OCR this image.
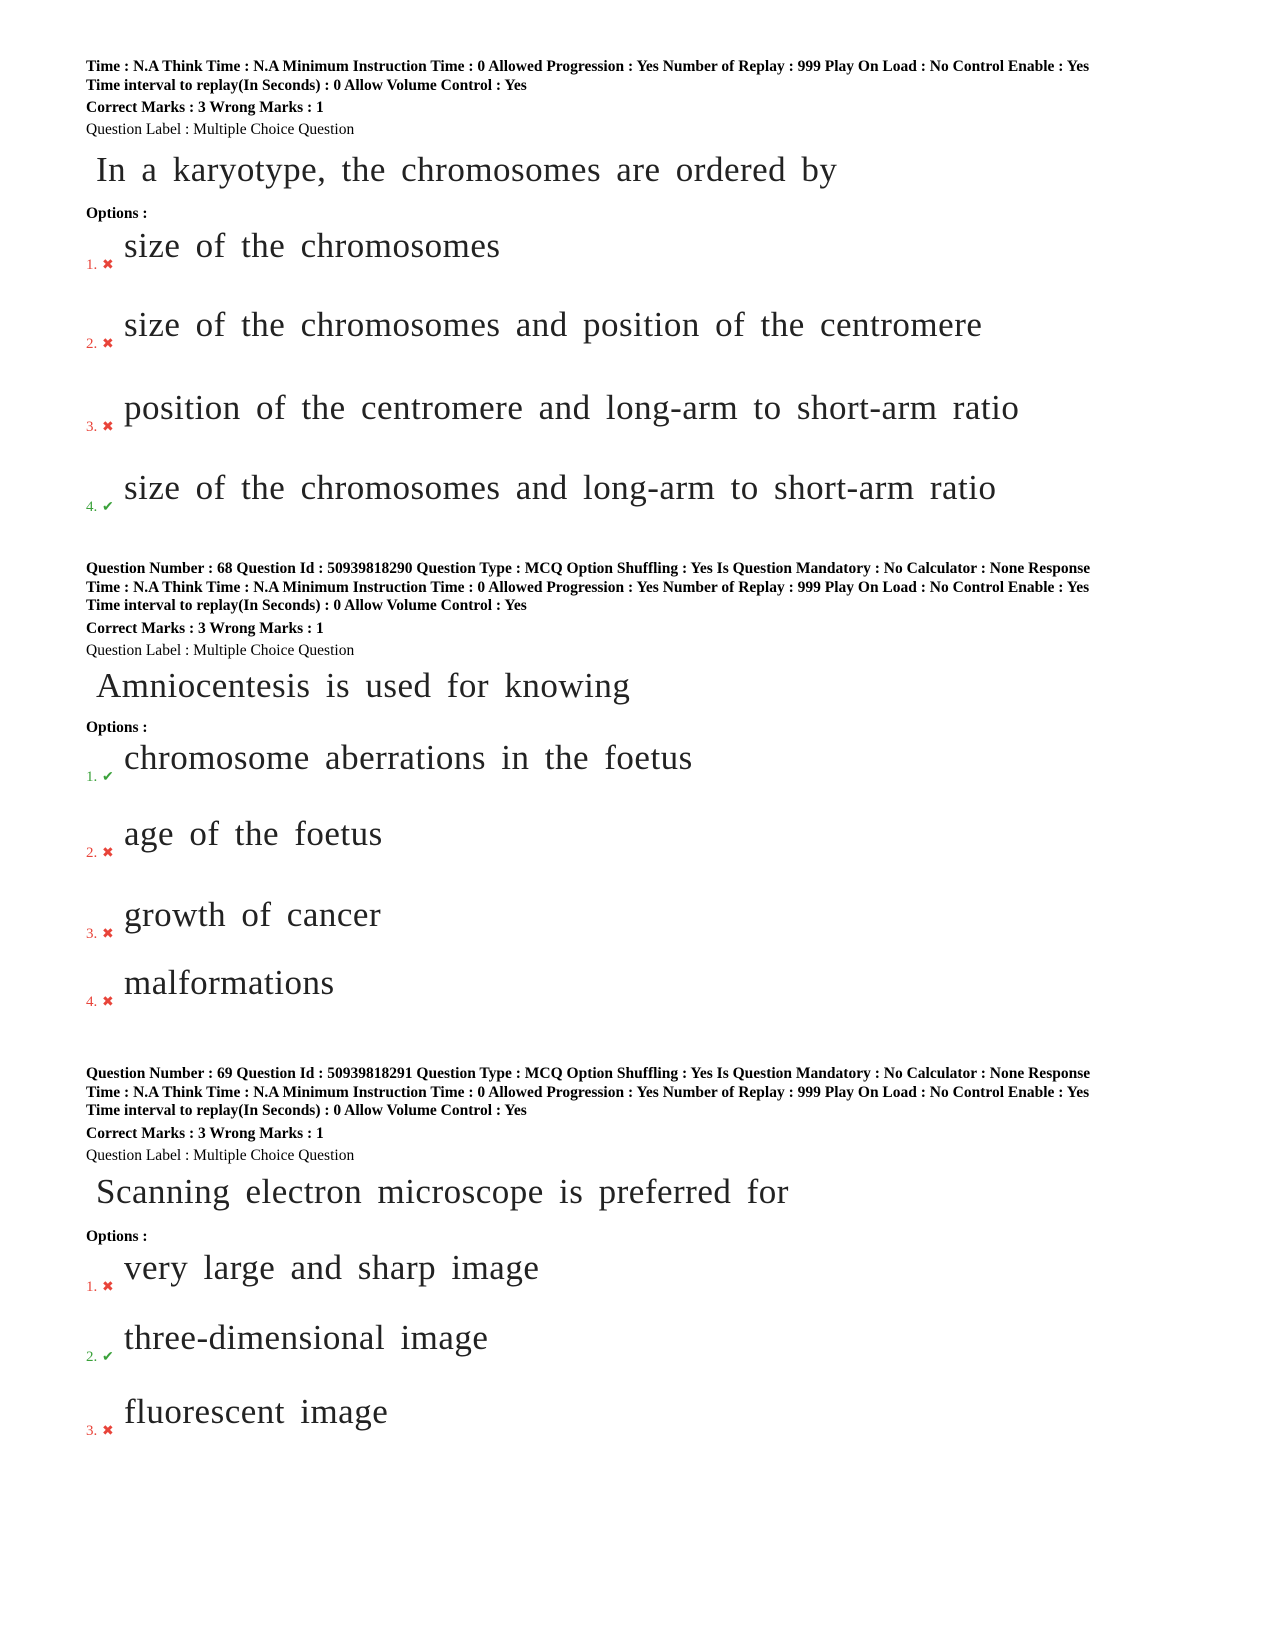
Time : N.A Think Time : N.A Minimum Instruction Time : 0 Allowed Progression : Yes Number of Replay : 999 Play On Load : No Control Enable : Yes
Time interval to replay(In Seconds) : 0 Allow Volume Control : Yes
Correct Marks : 3 Wrong Marks : 1
Question Label : Multiple Choice Question
In a karyotype, the chromosomes are ordered by
Options :
1. ✖
size of the chromosomes
2. ✖
size of the chromosomes and position of the centromere
3. ✖
position of the centromere and long-arm to short-arm ratio
4. ✔
size of the chromosomes and long-arm to short-arm ratio
Question Number : 68 Question Id : 50939818290 Question Type : MCQ Option Shuffling : Yes Is Question Mandatory : No Calculator : None Response
Time : N.A Think Time : N.A Minimum Instruction Time : 0 Allowed Progression : Yes Number of Replay : 999 Play On Load : No Control Enable : Yes
Time interval to replay(In Seconds) : 0 Allow Volume Control : Yes
Correct Marks : 3 Wrong Marks : 1
Question Label : Multiple Choice Question
Amniocentesis is used for knowing
Options :
1. ✔
chromosome aberrations in the foetus
2. ✖
age of the foetus
3. ✖
growth of cancer
4. ✖
malformations
Question Number : 69 Question Id : 50939818291 Question Type : MCQ Option Shuffling : Yes Is Question Mandatory : No Calculator : None Response
Time : N.A Think Time : N.A Minimum Instruction Time : 0 Allowed Progression : Yes Number of Replay : 999 Play On Load : No Control Enable : Yes
Time interval to replay(In Seconds) : 0 Allow Volume Control : Yes
Correct Marks : 3 Wrong Marks : 1
Question Label : Multiple Choice Question
Scanning electron microscope is preferred for
Options :
1. ✖
very large and sharp image
2. ✔
three-dimensional image
3. ✖
fluorescent image
